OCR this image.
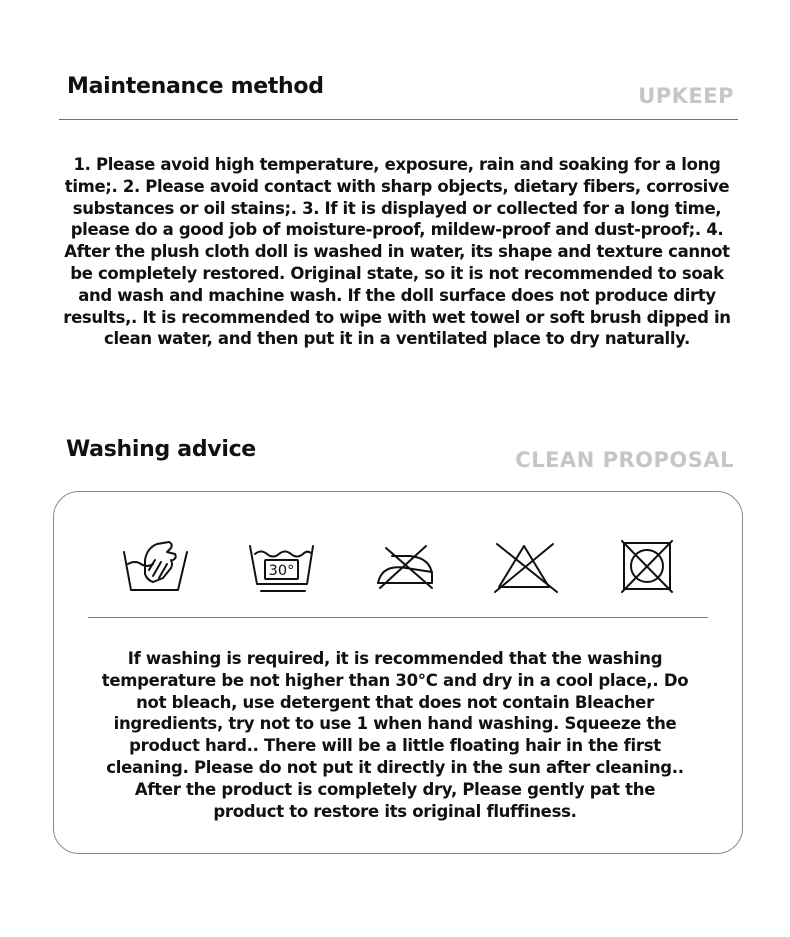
Maintenance method	UPKEEP

1. Please avoid high temperature, exposure, rain and soaking for a long time;. 2. Please avoid contact with sharp objects, dietary fibers, corrosive substances or oil stains;. 3. If it is displayed or collected for a long time, please do a good job of moisture-proof, mildew-proof and dust-proof;. 4. After the plush cloth doll is washed in water, its shape and texture cannot be completely restored. Original state, so it is not recommended to soak and wash and machine wash. If the doll surface does not produce dirty results,. It is recommended to wipe with wet towel or soft brush dipped in clean water, and then put it in a ventilated place to dry naturally.

Washing advice	CLEAN PROPOSAL
30°

If washing is required, it is recommended that the washing temperature be not higher than 30°C and dry in a cool place,. Do not bleach, use detergent that does not contain Bleacher ingredients, try not to use 1 when hand washing. Squeeze the product hard.. There will be a little floating hair in the first cleaning. Please do not put it directly in the sun after cleaning.. After the product is completely dry, Please gently pat the product to restore its original fluffiness.
